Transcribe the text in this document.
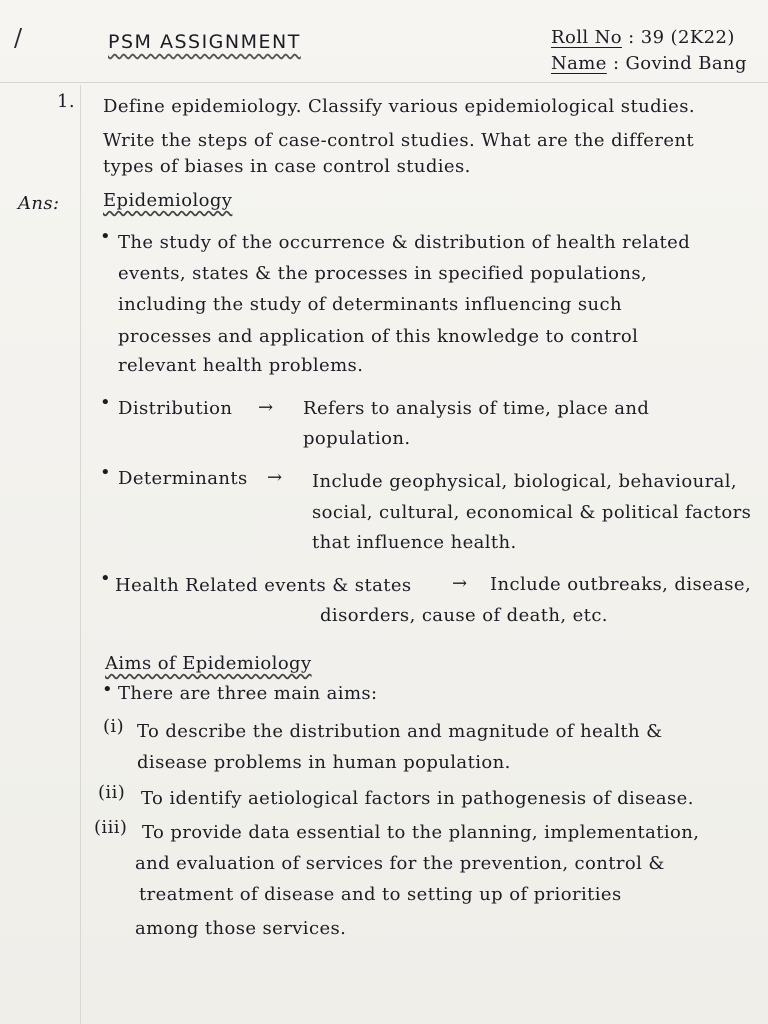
/	PSM ASSIGNMENT	Roll No : 39 (2K22)
Name : Govind Bang
1. Define epidemiology. Classify various epidemiological studies.
Write the steps of case-control studies. What are the different
types of biases in case control studies.
Ans: Epidemiology
• The study of the occurrence & distribution of health related
events, states & the processes in specified populations,
including the study of determinants influencing such
processes and application of this knowledge to control
relevant health problems.
• Distribution → Refers to analysis of time, place and
population.
• Determinants → Include geophysical, biological, behavioural,
social, cultural, economical & political factors
that influence health.
• Health Related events & states → Include outbreaks, disease,
disorders, cause of death, etc.
Aims of Epidemiology
• There are three main aims:
(i) To describe the distribution and magnitude of health &
disease problems in human population.
(ii) To identify aetiological factors in pathogenesis of disease.
(iii) To provide data essential to the planning, implementation,
and evaluation of services for the prevention, control &
treatment of disease and to setting up of priorities
among those services.
